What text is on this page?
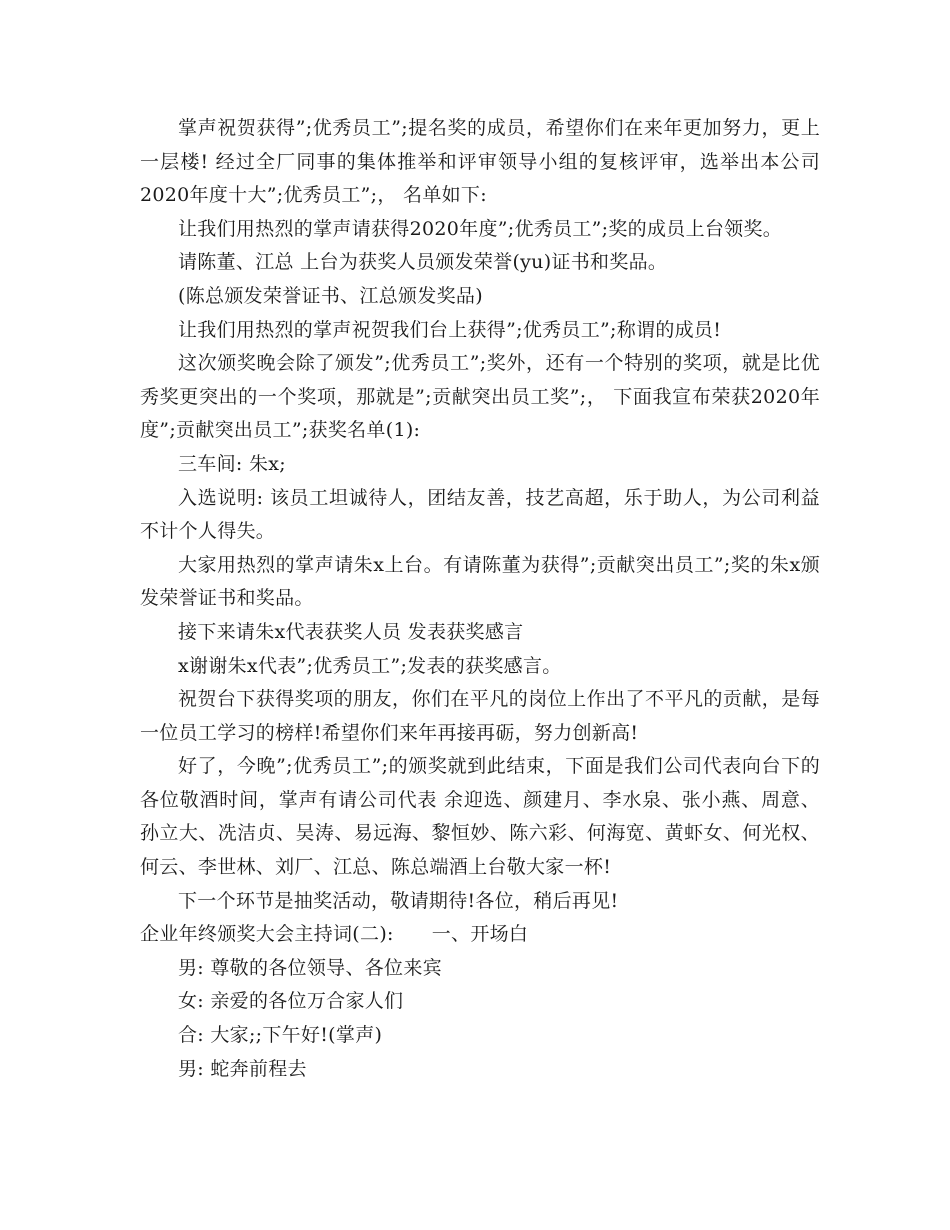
掌声祝贺获得”;优秀员工”;提名奖的成员，希望你们在来年更加努力，更上一层楼! 经过全厂同事的集体推举和评审领导小组的复核评审，选举出本公司2020年度十大”;优秀员工”;， 名单如下:

让我们用热烈的掌声请获得2020年度”;优秀员工”;奖的成员上台领奖。

请陈董、江总 上台为获奖人员颁发荣誉(yu)证书和奖品。

(陈总颁发荣誉证书、江总颁发奖品)

让我们用热烈的掌声祝贺我们台上获得”;优秀员工”;称谓的成员!

这次颁奖晚会除了颁发”;优秀员工”;奖外，还有一个特别的奖项，就是比优秀奖更突出的一个奖项，那就是”;贡献突出员工奖”;， 下面我宣布荣获2020年度”;贡献突出员工”;获奖名单(1):

三车间: 朱x;

入选说明: 该员工坦诚待人，团结友善，技艺高超，乐于助人，为公司利益不计个人得失。

大家用热烈的掌声请朱x上台。有请陈董为获得”;贡献突出员工”;奖的朱x颁发荣誉证书和奖品。

接下来请朱x代表获奖人员 发表获奖感言

x谢谢朱x代表”;优秀员工”;发表的获奖感言。

祝贺台下获得奖项的朋友，你们在平凡的岗位上作出了不平凡的贡献，是每一位员工学习的榜样!希望你们来年再接再砺，努力创新高!

好了，今晚”;优秀员工”;的颁奖就到此结束，下面是我们公司代表向台下的各位敬酒时间，掌声有请公司代表 余迎选、颜建月、李水泉、张小燕、周意、孙立大、冼洁贞、吴涛、易远海、黎恒妙、陈六彩、何海宽、黄虾女、何光权、何云、李世林、刘厂、江总、陈总端酒上台敬大家一杯!

下一个环节是抽奖活动，敬请期待!各位，稍后再见!

企业年终颁奖大会主持词(二): 一、开场白

男: 尊敬的各位领导、各位来宾

女: 亲爱的各位万合家人们

合: 大家;;下午好!(掌声)

男: 蛇奔前程去
